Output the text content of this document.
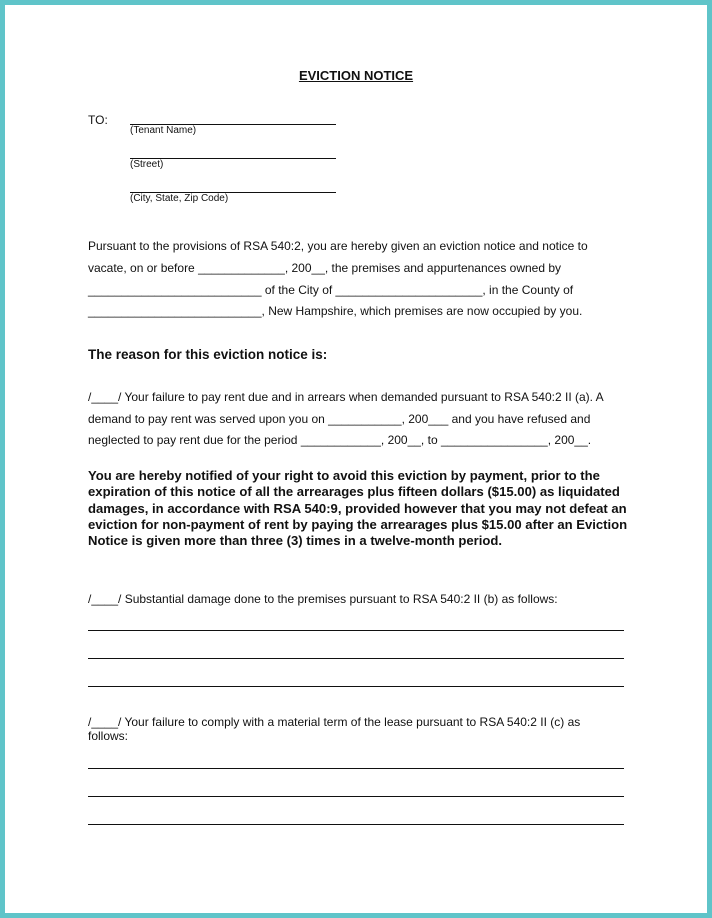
EVICTION NOTICE
TO:
(Tenant Name)
(Street)
(City, State, Zip Code)
Pursuant to the provisions of RSA 540:2, you are hereby given an eviction notice and notice to
vacate, on or before _____________, 200__, the premises and appurtenances owned by
__________________________ of the City of ______________________, in the County of
__________________________, New Hampshire, which premises are now occupied by you.
The reason for this eviction notice is:
/____/ Your failure to pay rent due and in arrears when demanded pursuant to RSA 540:2 II (a). A
demand to pay rent was served upon you on ___________, 200___ and you have refused and
neglected to pay rent due for the period ____________, 200__, to ________________, 200__.
You are hereby notified of your right to avoid this eviction by payment, prior to the expiration of this notice of all the arrearages plus fifteen dollars ($15.00) as liquidated damages, in accordance with RSA 540:9, provided however that you may not defeat an eviction for non-payment of rent by paying the arrearages plus $15.00 after an Eviction Notice is given more than three (3) times in a twelve-month period.
/____/ Substantial damage done to the premises pursuant to RSA 540:2 II (b) as follows:
/____/ Your failure to comply with a material term of the lease pursuant to RSA 540:2 II (c) as follows:
